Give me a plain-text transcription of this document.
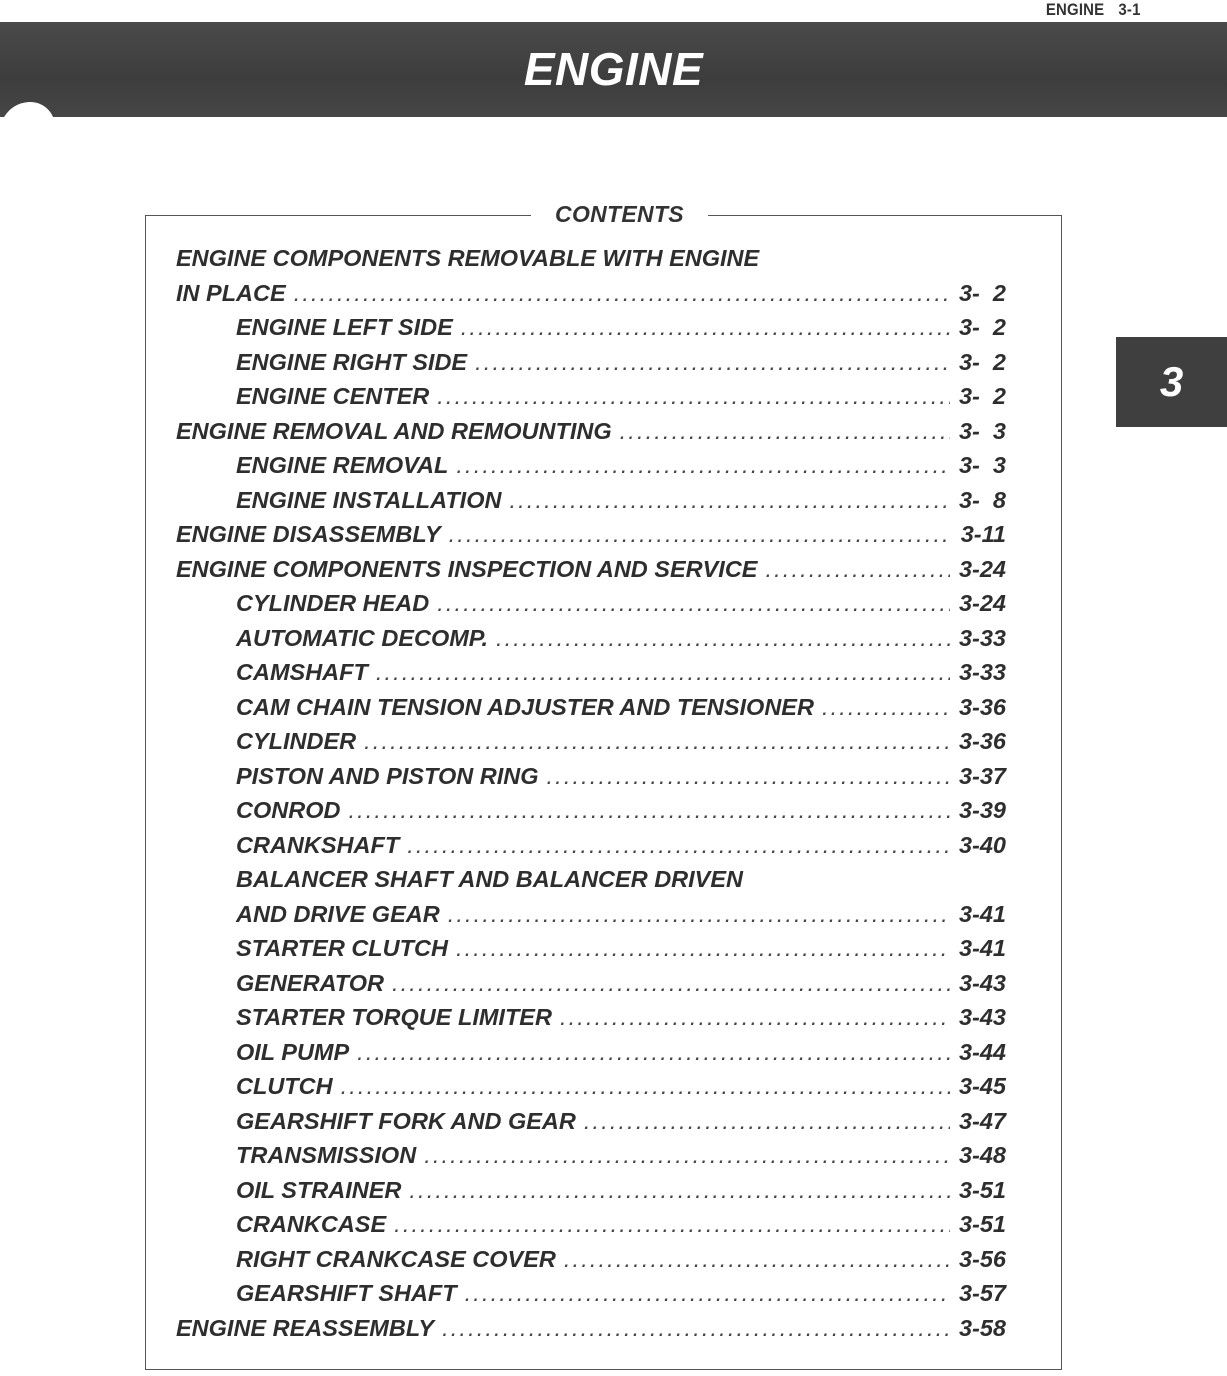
ENGINE 3-1
ENGINE
3
CONTENTS
ENGINE COMPONENTS REMOVABLE WITH ENGINE
IN PLACE . . .	3-  2
ENGINE LEFT SIDE . . .	3-  2
ENGINE RIGHT SIDE . . .	3-  2
ENGINE CENTER . . .	3-  2
ENGINE REMOVAL AND REMOUNTING . . .	3-  3
ENGINE REMOVAL . . .	3-  3
ENGINE INSTALLATION . . .	3-  8
ENGINE DISASSEMBLY . . .	3-11
ENGINE COMPONENTS INSPECTION AND SERVICE . . .	3-24
CYLINDER HEAD . . .	3-24
AUTOMATIC DECOMP. . . .	3-33
CAMSHAFT . . .	3-33
CAM CHAIN TENSION ADJUSTER AND TENSIONER . . .	3-36
CYLINDER . . .	3-36
PISTON AND PISTON RING . . .	3-37
CONROD . . .	3-39
CRANKSHAFT . . .	3-40
BALANCER SHAFT AND BALANCER DRIVEN
AND DRIVE GEAR . . .	3-41
STARTER CLUTCH . . .	3-41
GENERATOR . . .	3-43
STARTER TORQUE LIMITER . . .	3-43
OIL PUMP . . .	3-44
CLUTCH . . .	3-45
GEARSHIFT FORK AND GEAR . . .	3-47
TRANSMISSION . . .	3-48
OIL STRAINER . . .	3-51
CRANKCASE . . .	3-51
RIGHT CRANKCASE COVER . . .	3-56
GEARSHIFT SHAFT . . .	3-57
ENGINE REASSEMBLY . . .	3-58
